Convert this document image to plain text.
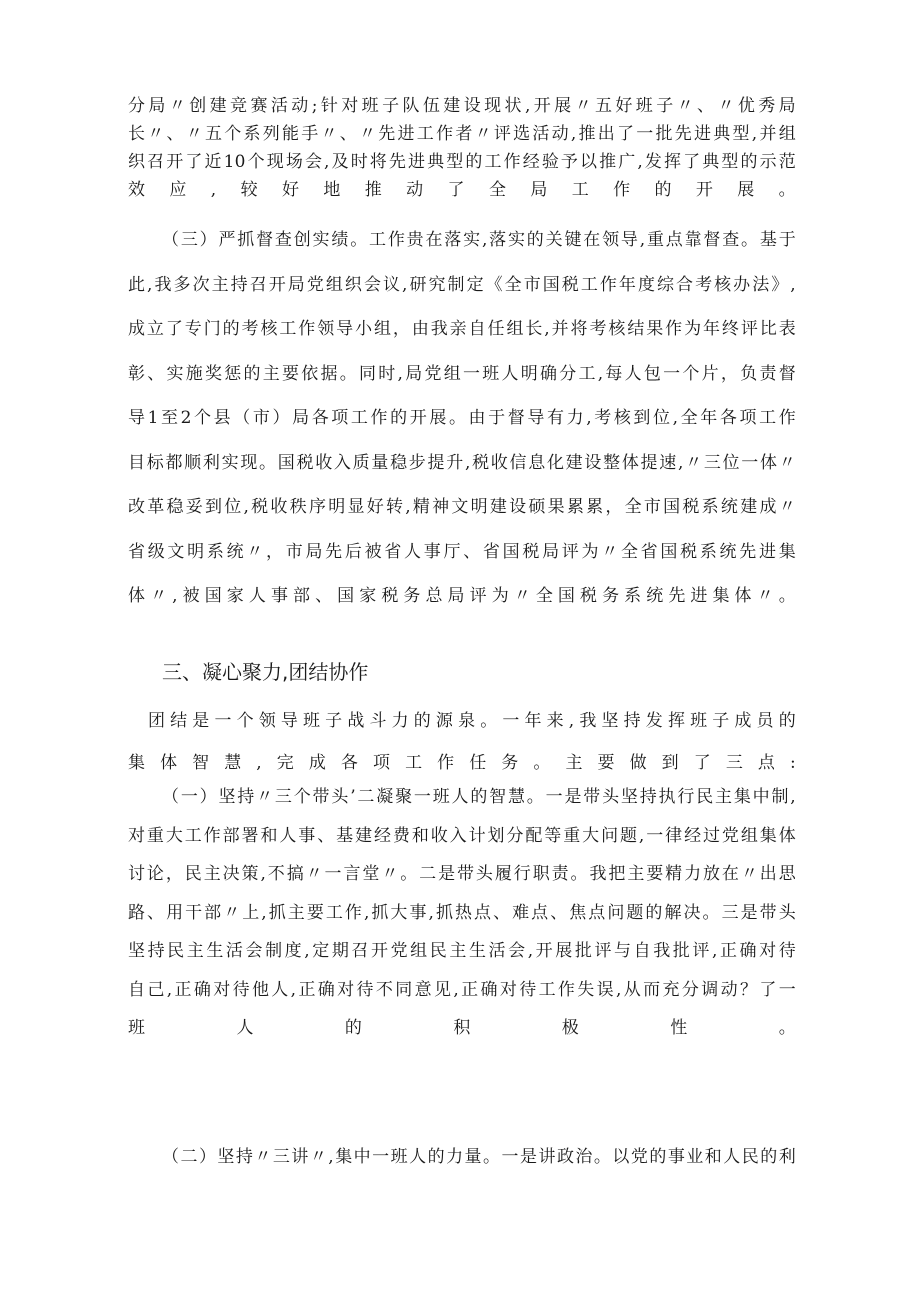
分局〃创建竞赛活动;针对班子队伍建设现状,开展〃五好班子〃、〃优秀局
长〃、〃五个系列能手〃、〃先进工作者〃评选活动,推出了一批先进典型,并组
织召开了近10个现场会,及时将先进典型的工作经验予以推广,发挥了典型的示范
效应,较好地推动了全局工作的开展。
（三）严抓督查创实绩。工作贵在落实,落实的关键在领导,重点靠督查。基于
此,我多次主持召开局党组织会议,研究制定《全市国税工作年度综合考核办法》,
成立了专门的考核工作领导小组，由我亲自任组长,并将考核结果作为年终评比表
彰、实施奖惩的主要依据。同时,局党组一班人明确分工,每人包一个片，负责督
导1至2个县（市）局各项工作的开展。由于督导有力,考核到位,全年各项工作
目标都顺利实现。国税收入质量稳步提升,税收信息化建设整体提速,〃三位一体〃
改革稳妥到位,税收秩序明显好转,精神文明建设硕果累累，全市国税系统建成〃
省级文明系统〃，市局先后被省人事厅、省国税局评为〃全省国税系统先进集
体〃,被国家人事部、国家税务总局评为〃全国税务系统先进集体〃。
三、凝心聚力,团结协作
团结是一个领导班子战斗力的源泉。一年来,我坚持发挥班子成员的
集体智慧,完成各项工作任务。主要做到了三点:
（一）坚持〃三个带头’二凝聚一班人的智慧。一是带头坚持执行民主集中制,
对重大工作部署和人事、基建经费和收入计划分配等重大问题,一律经过党组集体
讨论，民主决策,不搞〃一言堂〃。二是带头履行职责。我把主要精力放在〃出思
路、用干部〃上,抓主要工作,抓大事,抓热点、难点、焦点问题的解决。三是带头
坚持民主生活会制度,定期召开党组民主生活会,开展批评与自我批评,正确对待
自己,正确对待他人,正确对待不同意见,正确对待工作失误,从而充分调动？了一
班人的积极性。
（二）坚持〃三讲〃,集中一班人的力量。一是讲政治。以党的事业和人民的利
